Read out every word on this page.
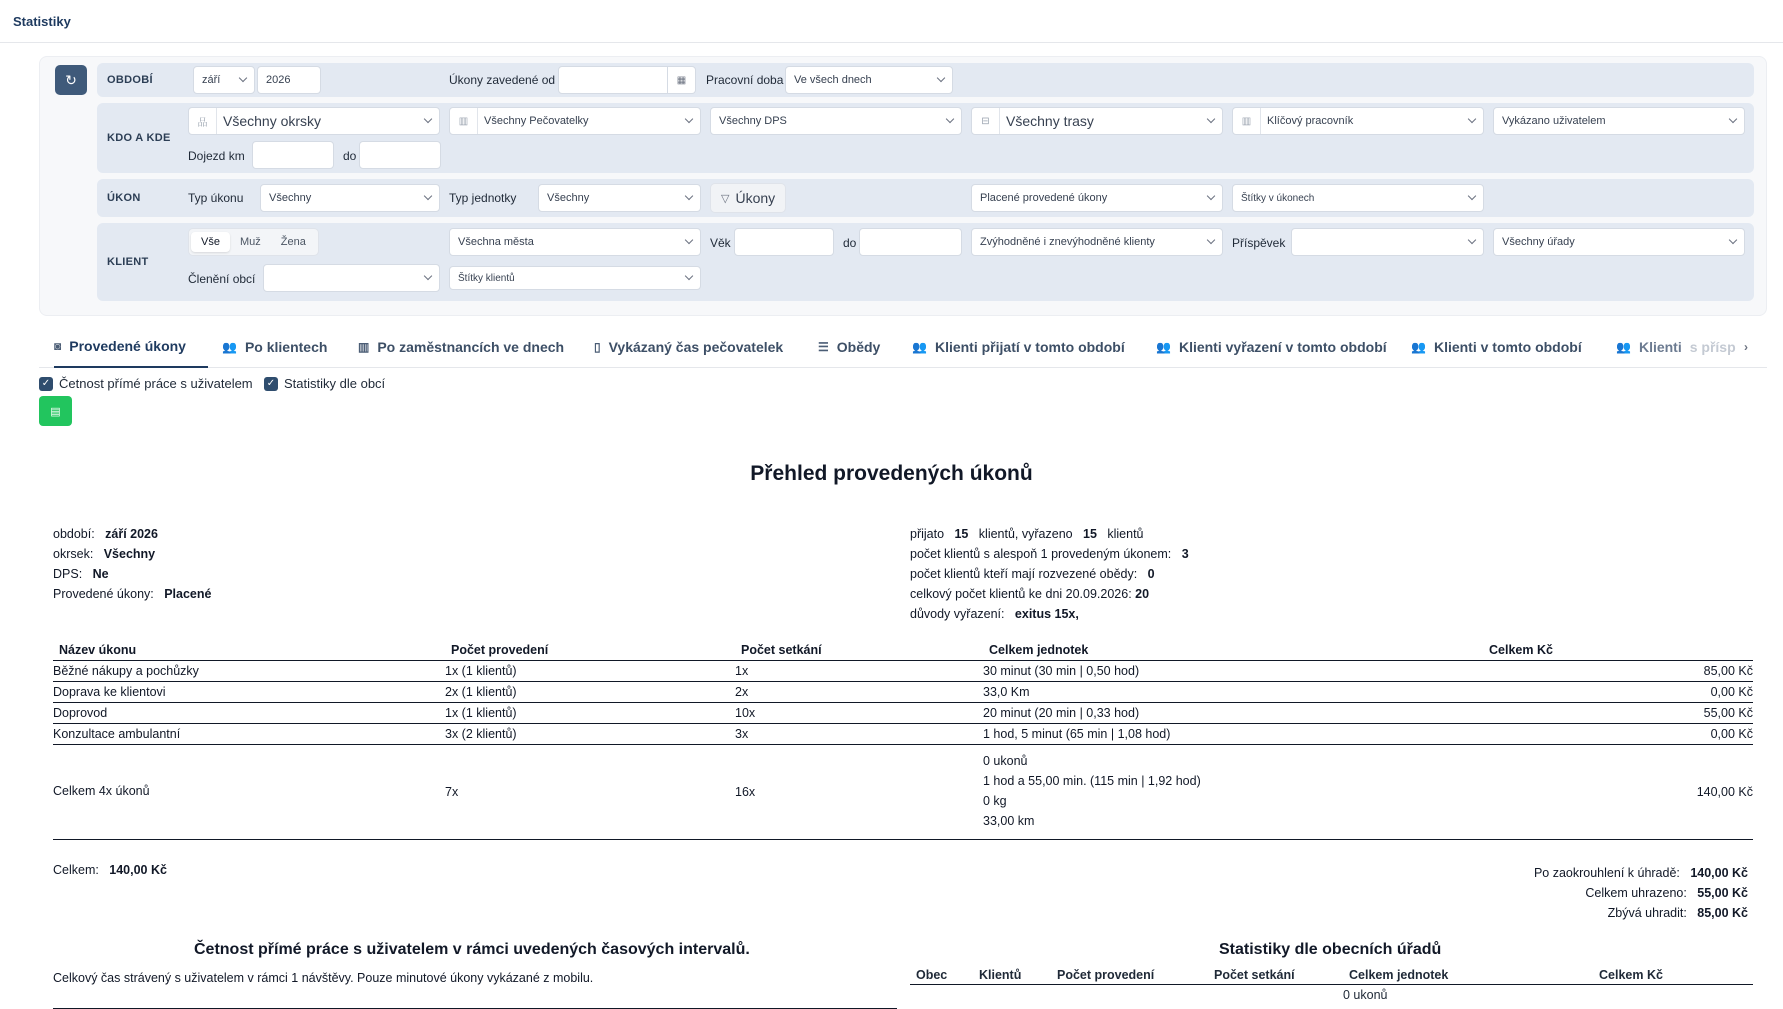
Statistiky
↻	OBDOBÍ	září	2026	Úkony zavedené od	▦	Pracovní doba Ve všech dnech
KDO A KDE
品	Všechny okrsky	▥	Všechny Pečovatelky	Všechny DPS	⊟	Všechny trasy	▥	Klíčový pracovník	Vykázano uživatelem
Dojezd km	do
ÚKON	Typ úkonu Všechny	Typ jednotky	Všechny	▽ Úkony	Placené provedené úkony	Štítky v úkonech
KLIENT
Vše	Muž	Žena	Všechna města	Věk	do	Zvýhodněné i znevýhodněné klienty	Příspěvek	Všechny úřady
Členění obcí	Štítky klientů
◙ Provedené úkony	👥 Po klientech	▥ Po zaměstnancích ve dnech ▯ Vykázaný čas pečovatelek	☰ Obědy	👥 Klienti přijatí v tomto období	👥 Klienti vyřazení v tomto období 👥 Klienti v tomto období	👥 Klienti s přísp ›
✓ Četnost přímé práce s uživatelem ✓ Statistiky dle obcí
▤
Přehled provedených úkonů
období: září 2026
okrsek: Všechny
DPS: Ne
Provedené úkony: Placené
přijato 15 klientů, vyřazeno 15 klientů
počet klientů s alespoň 1 provedeným úkonem: 3
počet klientů kteří mají rozvezené obědy: 0
celkový počet klientů ke dni 20.09.2026: 20
důvody vyřazení: exitus 15x,
Název úkonu	Počet provedení	Počet setkání	Celkem jednotek	Celkem Kč
Běžné nákupy a pochůzky	1x (1 klientů)	1x	30 minut (30 min | 0,50 hod)	85,00 Kč
Doprava ke klientovi	2x (1 klientů)	2x	33,0 Km	0,00 Kč
Doprovod	1x (1 klientů)	10x	20 minut (20 min | 0,33 hod)	55,00 Kč
Konzultace ambulantní	3x (2 klientů)	3x	1 hod, 5 minut (65 min | 1,08 hod)	0,00 Kč
Celkem 4x úkonů	7x	16x	0 ukonů
1 hod a 55,00 min. (115 min | 1,92 hod)
0 kg
33,00 km	140,00 Kč
Celkem: 140,00 Kč	Po zaokrouhlení k úhradě: 140,00 Kč
Celkem uhrazeno: 55,00 Kč
Zbývá uhradit: 85,00 Kč
Četnost přímé práce s uživatelem v rámci uvedených časových intervalů.
Celkový čas strávený s uživatelem v rámci 1 návštěvy. Pouze minutové úkony vykázané z mobilu.
Statistiky dle obecních úřadů
Obec	Klientů	Počet provedení	Počet setkání	Celkem jednotek	Celkem Kč
				0 ukonů	
